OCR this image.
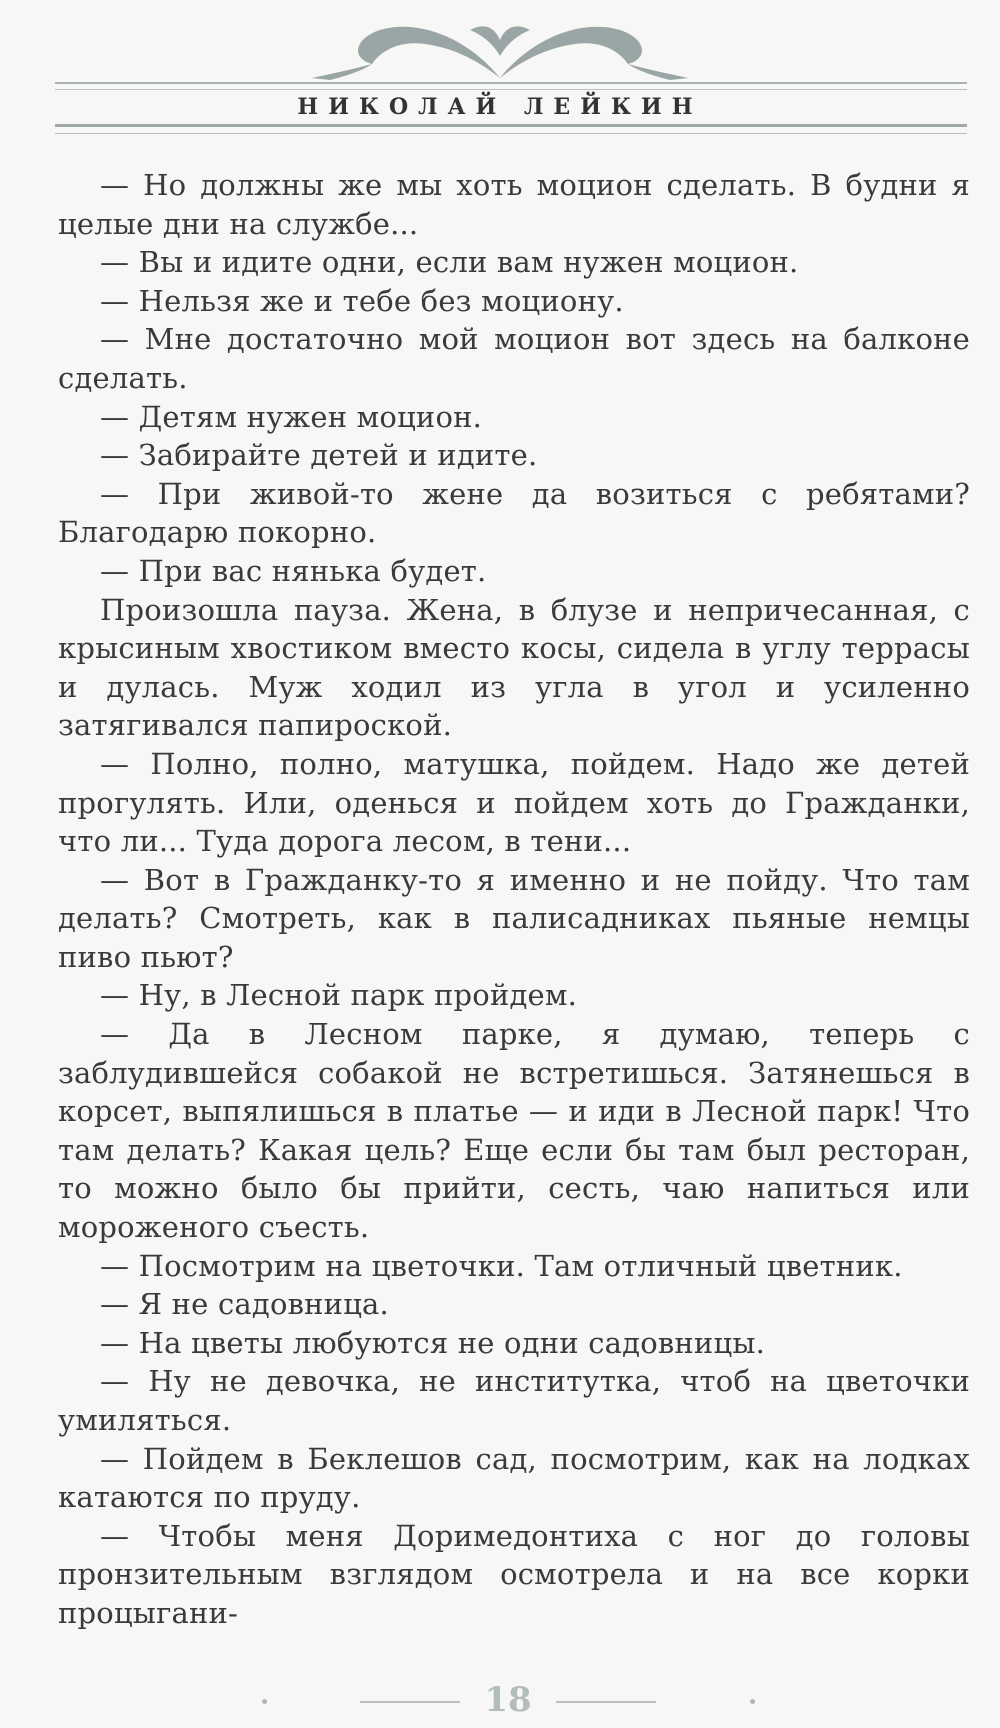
НИКОЛАЙ ЛЕЙКИН

— Но должны же мы хоть моцион сделать. В будни я целые дни на службе...

— Вы и идите одни, если вам нужен моцион.

— Нельзя же и тебе без моциону.

— Мне достаточно мой моцион вот здесь на балконе сделать.

— Детям нужен моцион.

— Забирайте детей и идите.

— При живой-то жене да возиться с ребятами? Благодарю покорно.

— При вас нянька будет.

Произошла пауза. Жена, в блузе и непричесанная, с крысиным хвостиком вместо косы, сидела в углу террасы и дулась. Муж ходил из угла в угол и усиленно затягивался папироской.

— Полно, полно, матушка, пойдем. Надо же детей прогулять. Или, оденься и пойдем хоть до Гражданки, что ли... Туда дорога лесом, в тени...

— Вот в Гражданку-то я именно и не пойду. Что там делать? Смотреть, как в палисадниках пьяные немцы пиво пьют?

— Ну, в Лесной парк пройдем.

— Да в Лесном парке, я думаю, теперь с заблудившейся собакой не встретишься. Затянешься в корсет, выпялишься в платье — и иди в Лесной парк! Что там делать? Какая цель? Еще если бы там был ресторан, то можно было бы прийти, сесть, чаю напиться или мороженого съесть.

— Посмотрим на цветочки. Там отличный цветник.

— Я не садовница.

— На цветы любуются не одни садовницы.

— Ну не девочка, не институтка, чтоб на цветочки умиляться.

— Пойдем в Беклешов сад, посмотрим, как на лодках катаются по пруду.

— Чтобы меня Доримедонтиха с ног до головы пронзительным взглядом осмотрела и на все корки процыгани-

18
